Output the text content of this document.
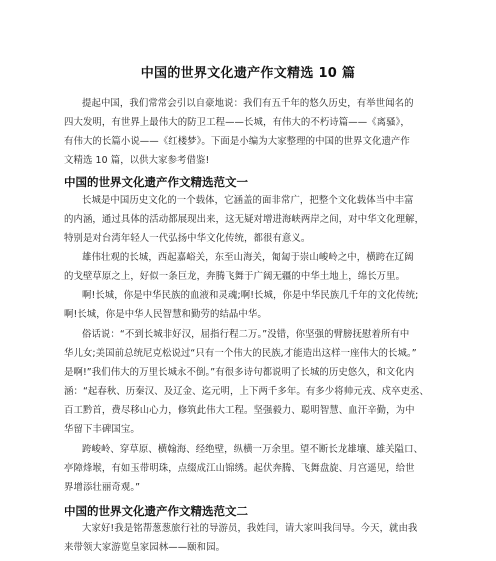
中国的世界文化遗产作文精选 10 篇
提起中国，我们常常会引以自豪地说：我们有五千年的悠久历史，有举世闻名的
四大发明，有世界上最伟大的防卫工程——长城，有伟大的不朽诗篇——《离骚》，
有伟大的长篇小说——《红楼梦》。下面是小编为大家整理的中国的世界文化遗产作
文精选 10 篇，以供大家参考借鉴!
中国的世界文化遗产作文精选范文一
长城是中国历史文化的一个载体，它涵盖的面非常广，把整个文化载体当中丰富
的内涵，通过具体的活动都展现出来，这无疑对增进海峡两岸之间，对中华文化理解，
特别是对台湾年轻人一代弘扬中华文化传统，都很有意义。
雄伟壮观的长城，西起嘉峪关，东至山海关，匍匐于崇山峻岭之中，横跨在辽阔
的戈壁草原之上，好似一条巨龙，奔腾飞舞于广阔无疆的中华土地上，绵长万里。
啊!长城，你是中华民族的血液和灵魂;啊!长城，你是中华民族几千年的文化传统;
啊!长城，你是中华人民智慧和勤劳的结晶中华。
俗话说：“不到长城非好汉，屈指行程二万。”没错，你坚强的臂膀抚慰着所有中
华儿女;美国前总统尼克松说过“只有一个伟大的民族,才能造出这样一座伟大的长城。”
是啊!”我们伟大的万里长城永不倒。”有很多诗句都说明了长城的历史悠久，和文化内
涵：“起春秋、历秦汉、及辽金、迄元明，上下两千多年。有多少将帅元戎、戍卒吏丞、
百工黔首，费尽移山心力，修筑此伟大工程。坚强毅力、聪明智慧、血汗辛勤，为中
华留下丰碑国宝。
跨峻岭、穿草原、横翰海、经绝壁，纵横一万余里。望不断长龙雄壤、雄关隘口、
亭障烽堠，有如玉带明珠，点缀成江山锦绣。起伏奔腾、飞舞盘旋、月宫遥见，给世
界增添壮丽奇观。”
中国的世界文化遗产作文精选范文二
大家好!我是铭帮葱葱旅行社的导游员，我姓闫，请大家叫我闫导。今天，就由我
来带领大家游览皇家园林——颐和园。
